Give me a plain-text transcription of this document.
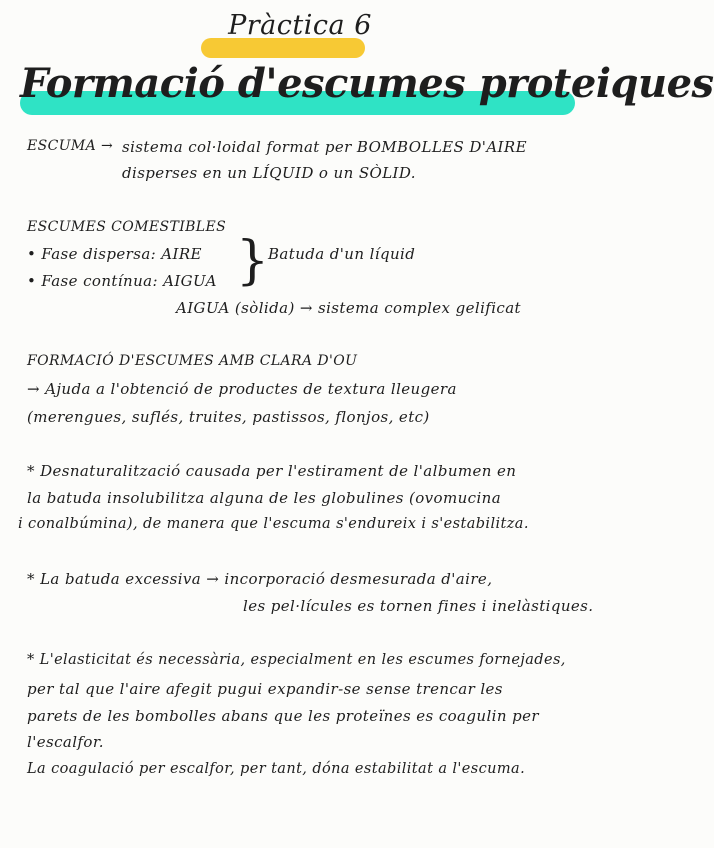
Pràctica 6
Formació d'escumes proteiques
ESCUMA → sistema col·loidal format per BOMBOLLES D'AIRE
disperses en un LÍQUID o un SÒLID.
ESCUMES COMESTIBLES
• Fase dispersa: AIRE
• Fase contínua: AIGUA }
Batuda d'un líquid
AIGUA (sòlida) → sistema complex gelificat
FORMACIÓ D'ESCUMES AMB CLARA D'OU
→ Ajuda a l'obtenció de productes de textura lleugera
(merengues, suflés, truites, pastissos, flonjos, etc)
* Desnaturalització causada per l'estirament de l'albumen en
la batuda insolubilitza alguna de les globulines (ovomucina
i conalbúmina), de manera que l'escuma s'endureix i s'estabilitza.
* La batuda excessiva → incorporació desmesurada d'aire,
les pel·lícules es tornen fines i inelàstiques.
* L'elasticitat és necessària, especialment en les escumes fornejades,
per tal que l'aire afegit pugui expandir-se sense trencar les
parets de les bombolles abans que les proteïnes es coagulin per
l'escalfor.
La coagulació per escalfor, per tant, dóna estabilitat a l'escuma.
